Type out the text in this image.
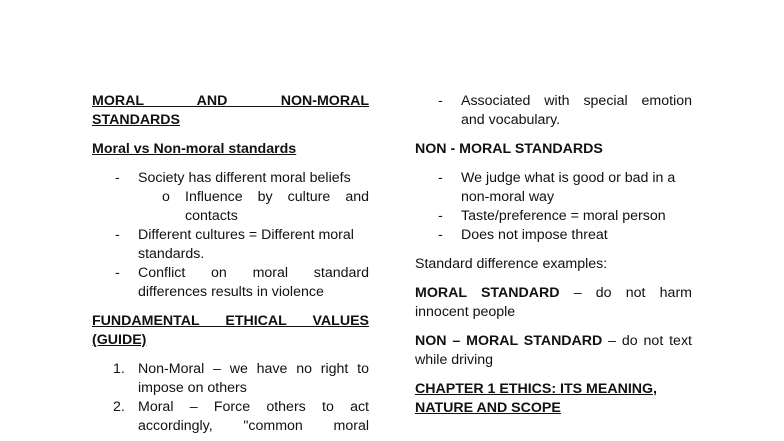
MORAL AND	NON-MORAL
STANDARDS
Moral vs Non-moral standards
- Society has different moral beliefs
o Influence by culture and
contacts
- Different cultures = Different moral standards.
- Conflict on moral standard differences results in violence
FUNDAMENTAL ETHICAL VALUES
(GUIDE)
1. Non-Moral – we have no right to
impose on others
2. Moral – Force others to act
accordingly, "common moral
- Associated with special emotion
and vocabulary.
NON - MORAL STANDARDS
- We judge what is good or bad in a non-moral way
- Taste/preference = moral person
- Does not impose threat

Standard difference examples:

MORAL STANDARD – do not harm innocent people

NON – MORAL STANDARD – do not text while driving

CHAPTER 1 ETHICS: ITS MEANING,
NATURE AND SCOPE
